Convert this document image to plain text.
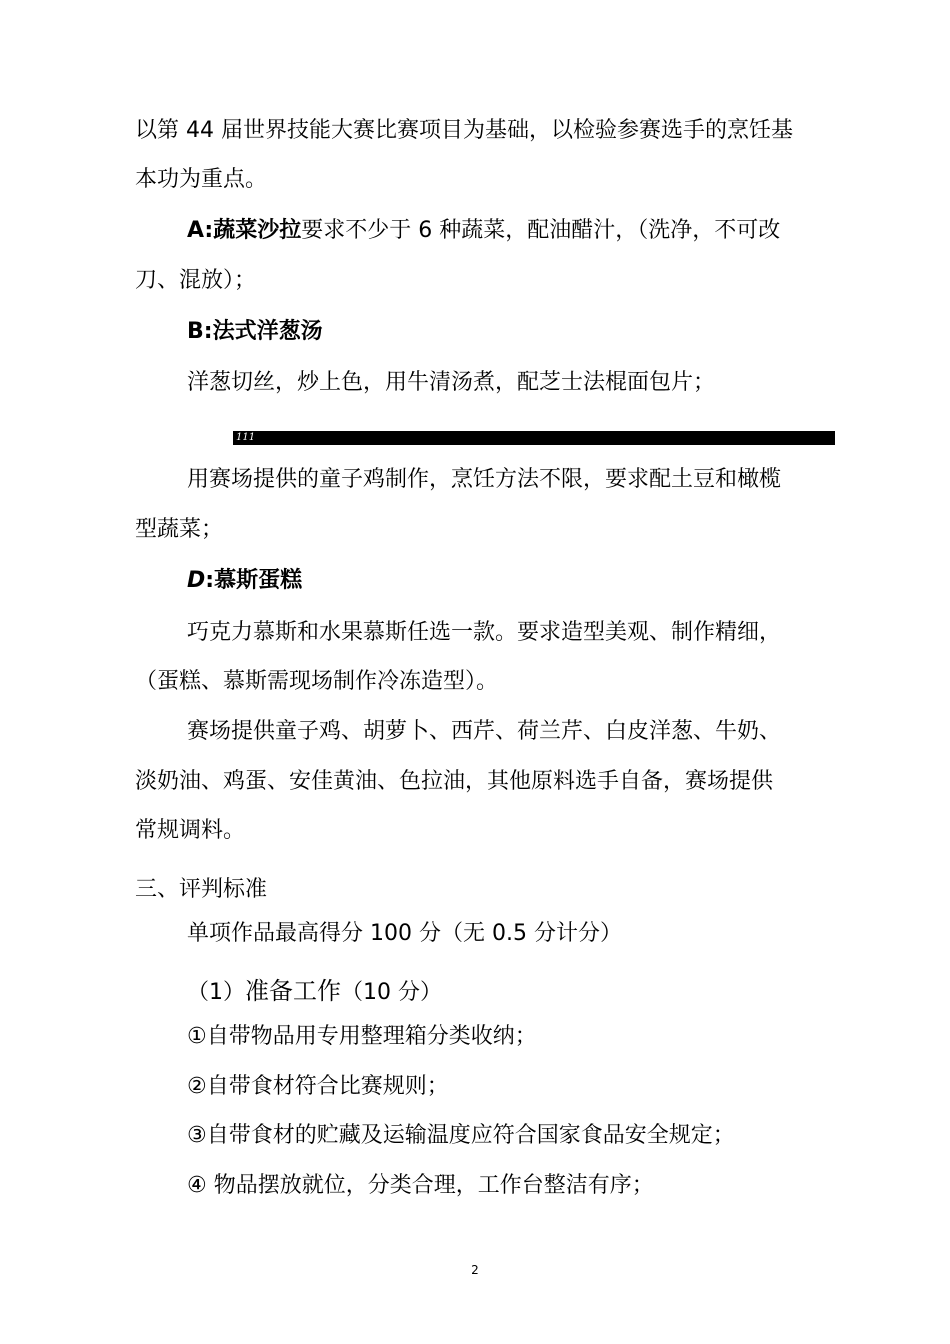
以第 44 届世界技能大赛比赛项目为基础，以检验参赛选手的烹饪基

本功为重点。

A:蔬菜沙拉要求不少于 6 种蔬菜，配油醋汁，（洗净，不可改

刀、混放）；

B:法式洋葱汤

洋葱切丝，炒上色，用牛清汤煮，配芝士法棍面包片；

111

用赛场提供的童子鸡制作，烹饪方法不限，要求配土豆和橄榄

型蔬菜；

D:慕斯蛋糕

巧克力慕斯和水果慕斯任选一款。要求造型美观、制作精细，

（蛋糕、慕斯需现场制作冷冻造型）。

赛场提供童子鸡、胡萝卜、西芹、荷兰芹、白皮洋葱、牛奶、

淡奶油、鸡蛋、安佳黄油、色拉油，其他原料选手自备，赛场提供

常规调料。

三、评判标准

单项作品最高得分 100 分（无 0.5 分计分）

（1）准备工作（10 分）

①自带物品用专用整理箱分类收纳；

②自带食材符合比赛规则；

③自带食材的贮藏及运输温度应符合国家食品安全规定；

④ 物品摆放就位，分类合理，工作台整洁有序；

2
